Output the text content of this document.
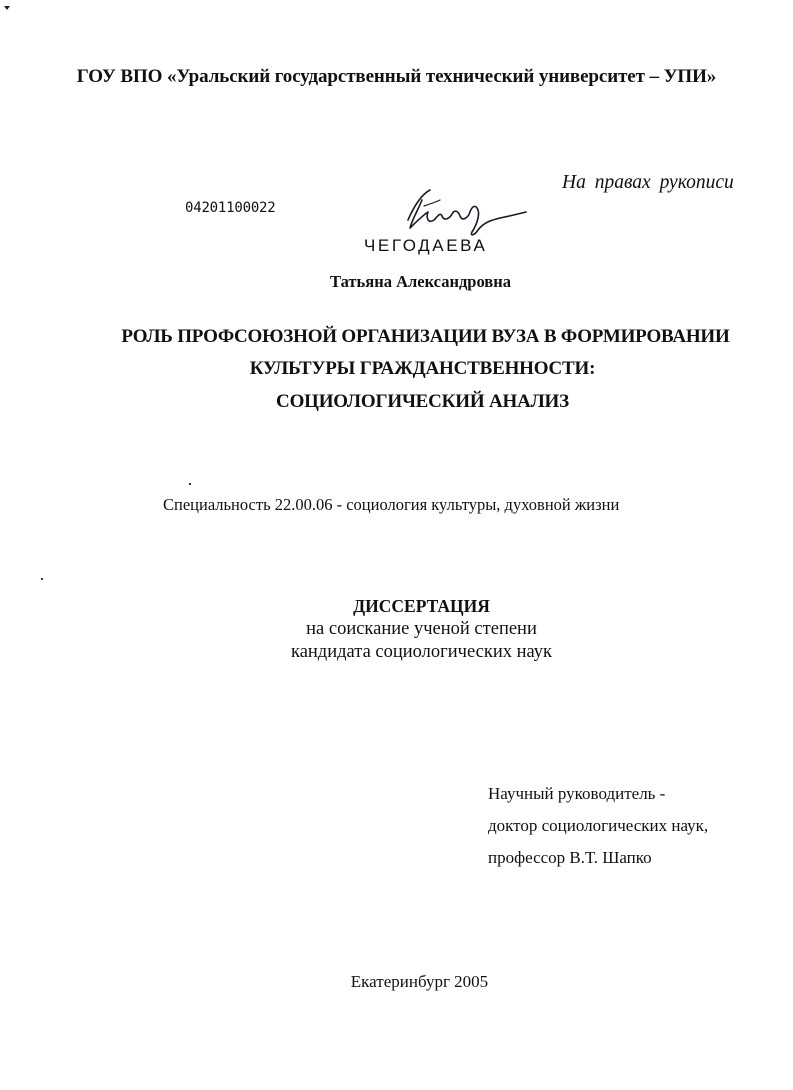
ГОУ ВПО «Уральский государственный технический университет – УПИ»
На правах рукописи
04201100022
ЧЕГОДАЕВА
Татьяна Александровна
РОЛЬ ПРОФСОЮЗНОЙ ОРГАНИЗАЦИИ ВУЗА В ФОРМИРОВАНИИ
КУЛЬТУРЫ ГРАЖДАНСТВЕННОСТИ:
СОЦИОЛОГИЧЕСКИЙ АНАЛИЗ
Специальность 22.00.06 - социология культуры, духовной жизни
ДИССЕРТАЦИЯ
на соискание ученой степени
кандидата социологических наук
Научный руководитель -
доктор социологических наук,
профессор В.Т. Шапко
Екатеринбург 2005
